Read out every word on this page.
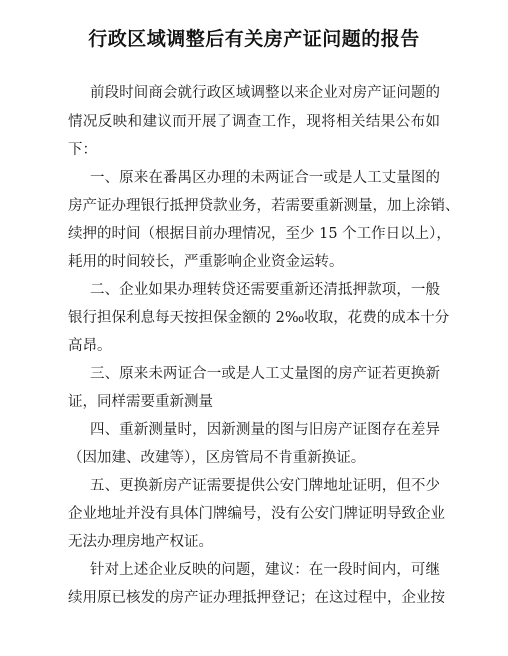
行政区域调整后有关房产证问题的报告
前段时间商会就行政区域调整以来企业对房产证问题的
情况反映和建议而开展了调查工作，现将相关结果公布如
下：
一、原来在番禺区办理的未两证合一或是人工丈量图的
房产证办理银行抵押贷款业务，若需要重新测量，加上涂销、
续押的时间（根据目前办理情况，至少 15 个工作日以上），
耗用的时间较长，严重影响企业资金运转。
二、企业如果办理转贷还需要重新还清抵押款项，一般
银行担保利息每天按担保金额的 2‰收取，花费的成本十分
高昂。
三、原来未两证合一或是人工丈量图的房产证若更换新
证，同样需要重新测量
四、重新测量时，因新测量的图与旧房产证图存在差异
（因加建、改建等），区房管局不肯重新换证。
五、更换新房产证需要提供公安门牌地址证明，但不少
企业地址并没有具体门牌编号，没有公安门牌证明导致企业
无法办理房地产权证。
针对上述企业反映的问题，建议：在一段时间内，可继
续用原已核发的房产证办理抵押登记；在这过程中，企业按
